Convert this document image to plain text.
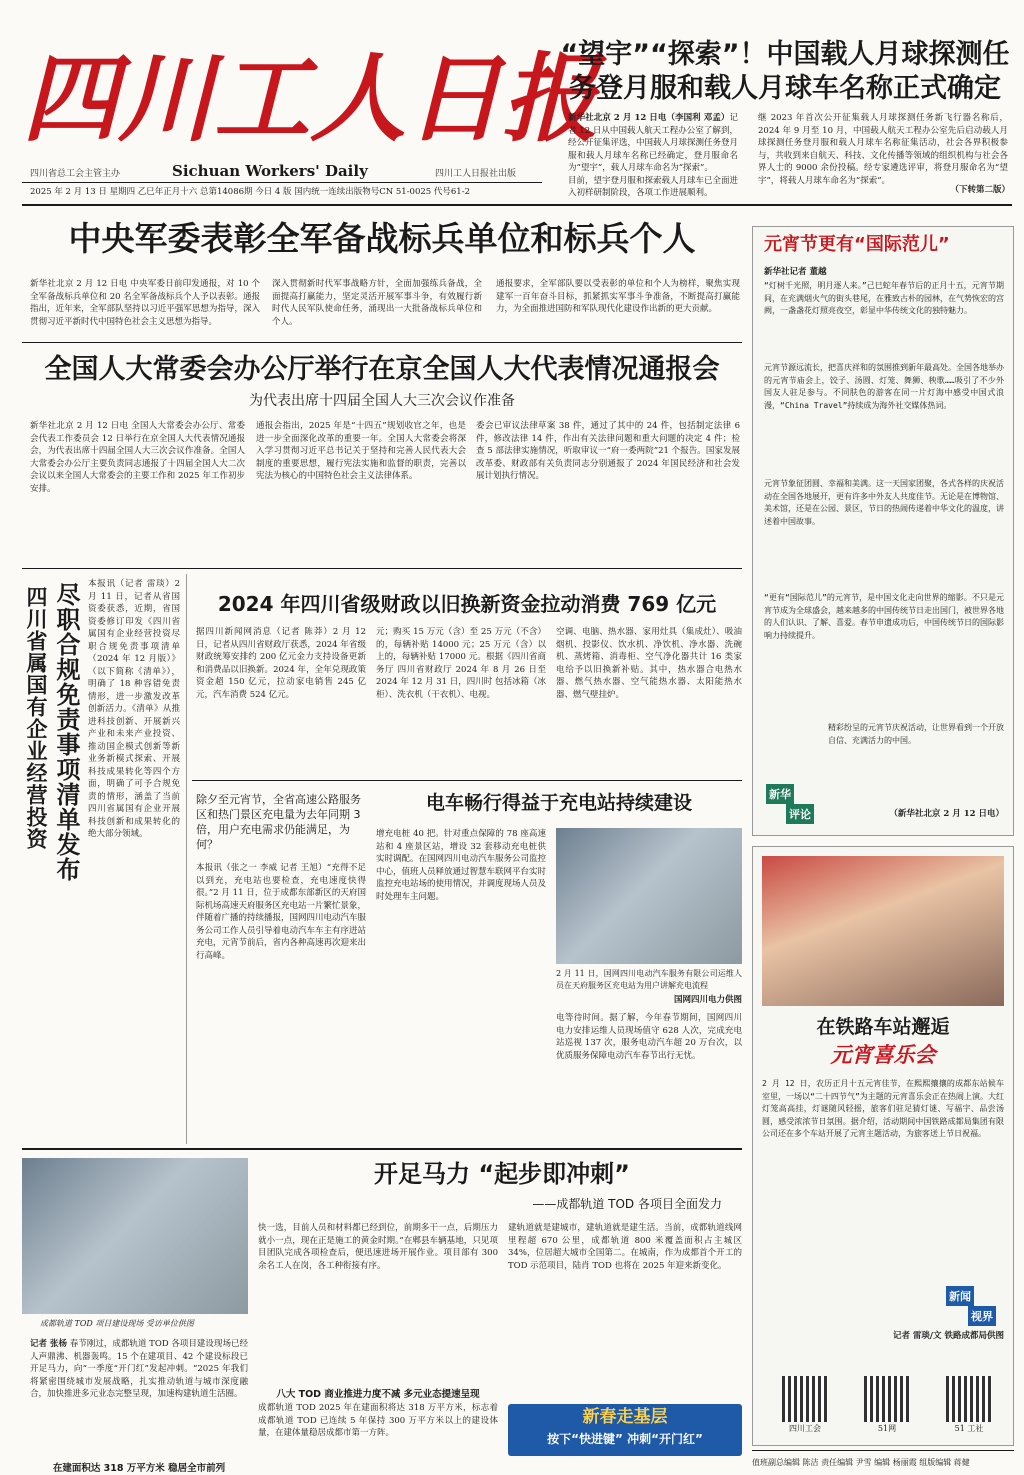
四川工人日报
四川省总工会主管主办	Sichuan Workers' Daily	四川工人日报社出版
2025 年 2 月 13 日 星期四 乙巳年正月十六 总第14086期 今日 4 版 国内统一连续出版物号CN 51-0025 代号61-2
“望宇”“探索”！中国载人月球探测任务登月服和载人月球车名称正式确定
新华社北京 2 月 12 日电（李国利 邓孟）记者 12 日从中国载人航天工程办公室了解到，经公开征集评选，中国载人月球探测任务登月服和载人月球车名称已经确定，登月服命名为“望宇”，载人月球车命名为“探索”。
目前，望宇登月服和探索载人月球车已全面进入初样研制阶段，各项工作进展顺利。
继 2023 年首次公开征集载人月球探测任务新飞行器名称后，2024 年 9 月至 10 月，中国载人航天工程办公室先后启动载人月球探测任务登月服和载人月球车名称征集活动，社会各界积极参与，共收到来自航天、科技、文化传播等领域的组织机构与社会各界人士的 9000 余份投稿。经专家遴选评审，将登月服命名为“望宇”，将载人月球车命名为“探索”。
（下转第二版）
中央军委表彰全军备战标兵单位和标兵个人
新华社北京 2 月 12 日电 中央军委日前印发通报，对 10 个全军备战标兵单位和 20 名全军备战标兵个人予以表彰。通报指出，近年来，全军部队坚持以习近平强军思想为指导，深入贯彻习近平新时代中国特色社会主义思想为指导。
深入贯彻新时代军事战略方针，全面加强练兵备战，全面提高打赢能力，坚定灵活开展军事斗争，有效履行新时代人民军队使命任务，涌现出一大批备战标兵单位和个人。
通报要求，全军部队要以受表彰的单位和个人为榜样，聚焦实现建军一百年奋斗目标，抓紧抓实军事斗争准备，不断提高打赢能力，为全面推进国防和军队现代化建设作出新的更大贡献。
全国人大常委会办公厅举行在京全国人大代表情况通报会
为代表出席十四届全国人大三次会议作准备
新华社北京 2 月 12 日电 全国人大常委会办公厅、常委会代表工作委员会 12 日举行在京全国人大代表情况通报会，为代表出席十四届全国人大三次会议作准备。全国人大常委会办公厅主要负责同志通报了十四届全国人大二次会议以来全国人大常委会的主要工作和 2025 年工作初步安排。
通报会指出，2025 年是“十四五”规划收官之年，也是进一步全面深化改革的重要一年。全国人大常委会将深入学习贯彻习近平总书记关于坚持和完善人民代表大会制度的重要思想，履行宪法实施和监督的职责，完善以宪法为核心的中国特色社会主义法律体系。
委会已审议法律草案 38 件，通过了其中的 24 件，包括制定法律 6 件，修改法律 14 件，作出有关法律问题和重大问题的决定 4 件；检查 5 部法律实施情况，听取审议一“府一委两院”21 个报告。国家发展改革委、财政部有关负责同志分别通报了 2024 年国民经济和社会发展计划执行情况。
尽职合规免责事项清单发布
四川省属国有企业经营投资
本报讯（记者 雷琰）2 月 11 日，记者从省国资委获悉，近期，省国资委修订印发《四川省属国有企业经营投资尽职合规免责事项清单（2024 年 12 月版）》（以下简称《清单》），明确了 18 种容错免责情形，进一步激发改革创新活力。《清单》从推进科技创新、开展新兴产业和未来产业投资、推动国企模式创新等新业务新模式探索、开展科技成果转化等四个方面，明确了可予合规免责的情形，涵盖了当前四川省属国有企业开展科技创新和成果转化的绝大部分领域。
2024 年四川省级财政以旧换新资金拉动消费 769 亿元
据四川新闻网消息（记者 陈莽）2 月 12 日，记者从四川省财政厅获悉，2024 年省级财政统筹安排约 200 亿元金力支持设备更新和消费品以旧换新。2024 年，全年兑现政策资金超 150 亿元，拉动家电销售 245 亿元，汽车消费 524 亿元。
元；购买 15 万元（含）至 25 万元（不含）的，每辆补贴 14000 元；25 万元（含）以上的，每辆补贴 17000 元。根据《四川省商务厅 四川省财政厅 2024 年 8 月 26 日至 2024 年 12 月 31 日，四川时 包括冰箱（冰柜）、洗衣机（干衣机）、电视。
空调、电脑、热水器、家用灶具（集成灶）、吸油烟机、投影仪、饮水机、净饮机、净水器、洗碗机、蒸烤箱、消毒柜、空气净化器共计 16 类家电给予以旧换新补贴。其中，热水器合电热水器、燃气热水器、空气能热水器、太阳能热水器、燃气壁挂炉。
除夕至元宵节，全省高速公路服务区和热门景区充电量为去年同期 3 倍，用户充电需求仍能满足，为何？
电车畅行得益于充电站持续建设
本报讯（张之一 李威 记者 王旭）“充得不足以到充，充电站也要检查，充电速度快得很。”2 月 11 日，位于成都东部新区的天府国际机场高速天府服务区充电站一片繁忙景象，伴随着广播的持续播报，国网四川电动汽车服务公司工作人员引导着电动汽车车主有序进站充电，元宵节前后，省内各种高速再次迎来出行高峰。
增充电桩 40 把。针对重点保障的 78 座高速站和 4 座景区站，增设 32 套移动充电桩供实时调配。在国网四川电动汽车服务公司监控中心，值班人员释放通过智慧车联网平台实时监控充电站场的使用情况，并调度现场人员及时处理车主问题。
2 月 11 日，国网四川电动汽车服务有限公司运维人员在天府服务区充电站为用户讲解充电流程
国网四川电力供图
电等待时间。据了解，今年春节期间，国网四川电力安排运维人员现场值守 628 人次，完成充电站巡视 137 次，服务电动汽车超 20 万台次，以优质服务保障电动汽车春节出行无忧。
成都轨道 TOD 项目建设现场 受访单位供图
开足马力 “起步即冲刺”
——成都轨道 TOD 各项目全面发力
记者 张杨 春节刚过，成都轨道 TOD 各项目建设现场已经人声鼎沸、机器轰鸣。15 个在建项目、42 个建设标段已开足马力，向“一季度“开门红”发起冲刺。“2025 年我们将紧密围绕城市发展战略，扎实推动轨道与城市深度融合，加快推进多元业态完整呈现，加速构建轨道生活圈。
快一选，目前人员和材料都已经到位，前期多干一点，后期压力就小一点，现在正是施工的黄金时期。”在郫县车辆基地，只见项目团队完成各项检查后，便迅速进场开展作业。项目部有 300 余名工人在岗，各工种衔接有序。
八大 TOD 商业推进力度不减 多元业态提速呈现
成都轨道 TOD 2025 年在建面积将达 318 万平方米，标志着成都轨道 TOD 已连续 5 年保持 300 万平方米以上的建设体量，在建体量稳居成都市第一方阵。
在建面积达 318 万平方米 稳居全市前列
建轨道就是建城市，建轨道就是建生活。当前，成都轨道线网里程超 670 公里，成都轨道 800 米覆盖面积占主城区 34%，位居超大城市全国第二。在城南，作为成都首个开工的 TOD 示范项目，陆肖 TOD 也将在 2025 年迎来新变化。
新春走基层
按下“快进键” 冲刺“开门红”
元宵节更有“国际范儿”
新华社记者 董越
“灯树千光照，明月逐人来。”己巳蛇年春节后的正月十五，元宵节期间，在充满烟火气的街头巷尾，在雅致古朴的园林，在气势恢宏的宫阙，一盏盏花灯照亮夜空，彰显中华传统文化的独特魅力。
元宵节源远流长，把喜庆祥和的氛围推到新年最高处。全国各地举办的元宵节庙会上，饺子、汤圆、灯笼、舞狮、秧歌……吸引了不少外国友人驻足参与。不同肤色的游客在同一片灯海中感受中国式浪漫，“China Travel”持续成为海外社交媒体热词。
元宵节象征团圆、幸福和美满。这一天国家团聚，各式各样的庆祝活动在全国各地展开，更有许多中外友人共度佳节。无论是在博物馆、美术馆，还是在公园、景区，节日的热闹传递着中华文化的温度，讲述着中国故事。
“更有“国际范儿”的元宵节，是中国文化走向世界的缩影。不只是元宵节成为全球盛会，越来越多的中国传统节日走出国门，被世界各地的人们认识、了解、喜爱。春节申遗成功后，中国传统节日的国际影响力持续提升。
新华
评论
精彩纷呈的元宵节庆祝活动，让世界看到一个开放自信、充满活力的中国。
（新华社北京 2 月 12 日电）
在铁路车站邂逅
元宵喜乐会
2 月 12 日，农历正月十五元宵佳节，在熙熙攘攘的成都东站候车室里，一场以“二十四节气”为主题的元宵喜乐会正在热闹上演。大红灯笼高高挂，灯谜随风轻摇，旅客们驻足猜灯谜、写福字、品尝汤圆，感受浓浓节日氛围。据介绍，活动期间中国铁路成都局集团有限公司还在多个车站开展了元宵主题活动，为旅客送上节日祝福。
新闻
视界
记者 雷琰/文 铁路成都局供图
四川工会	51网	51 工社
值班副总编辑 陈洁 责任编辑 尹雪 编辑 杨丽霞 组版编辑 蒋健
